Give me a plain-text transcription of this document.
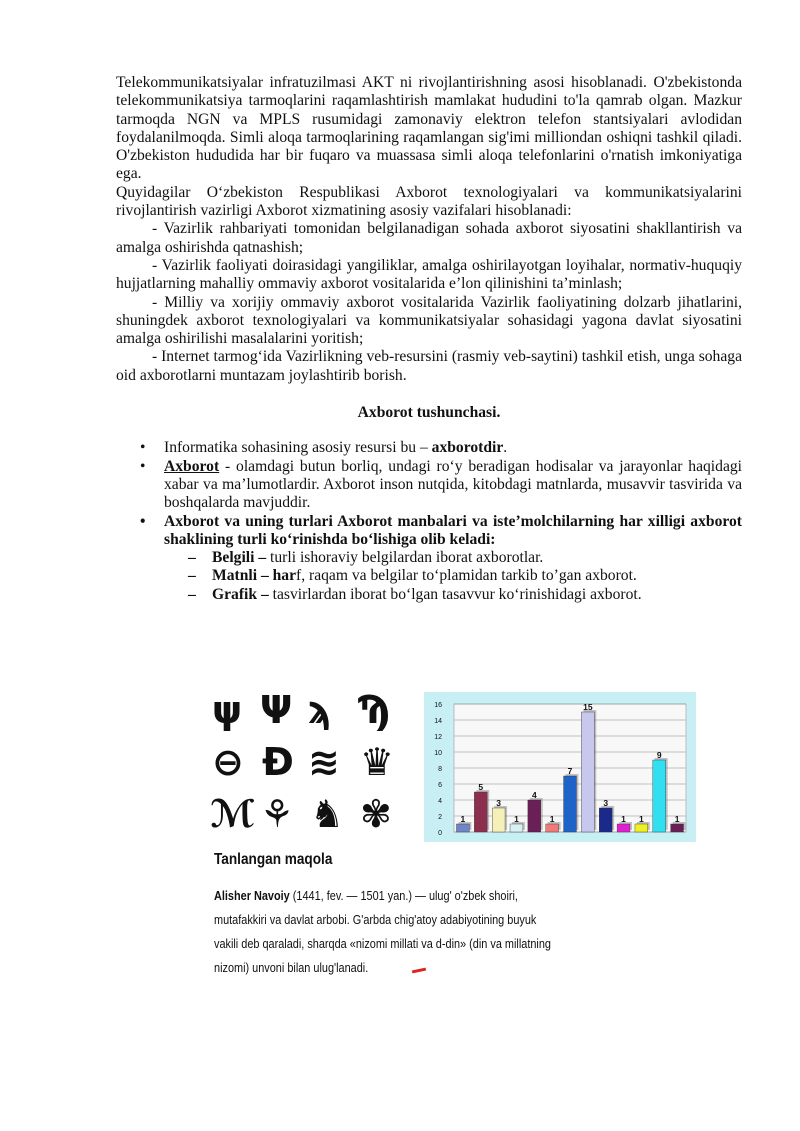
Telekommunikatsiyalar infratuzilmasi AKT ni rivojlantirishning asosi hisoblanadi. O'zbekistonda telekommunikatsiya tarmoqlarini raqamlashtirish mamlakat hududini to'la qamrab olgan. Mazkur tarmoqda NGN va MPLS rusumidagi zamonaviy elektron telefon stantsiyalari avlodidan foydalanilmoqda. Simli aloqa tarmoqlarining raqamlangan sig'imi milliondan oshiqni tashkil qiladi. O'zbekiston hududida har bir fuqaro va muassasa simli aloqa telefonlarini o'rnatish imkoniyatiga ega.

Quyidagilar O‘zbekiston Respublikasi Axborot texnologiyalari va kommunikatsiyalarini rivojlantirish vazirligi Axborot xizmatining asosiy vazifalari hisoblanadi:

- Vazirlik rahbariyati tomonidan belgilanadigan sohada axborot siyosatini shakllantirish va amalga oshirishda qatnashish;

- Vazirlik faoliyati doirasidagi yangiliklar, amalga oshirilayotgan loyihalar, normativ-huquqiy hujjatlarning mahalliy ommaviy axborot vositalarida e’lon qilinishini ta’minlash;

- Milliy va xorijiy ommaviy axborot vositalarida Vazirlik faoliyatining dolzarb jihatlarini, shuningdek axborot texnologiyalari va kommunikatsiyalar sohasidagi yagona davlat siyosatini amalga oshirilishi masalalarini yoritish;

- Internet tarmog‘ida Vazirlikning veb-resursini (rasmiy veb-saytini) tashkil etish, unga sohaga oid axborotlarni muntazam joylashtirib borish.

Axborot tushunchasi.
• Informatika sohasining asosiy resursi bu – axborotdir.
• Axborot - olamdagi butun borliq, undagi ro‘y beradigan hodisalar va jarayonlar haqidagi xabar va ma’lumotlardir. Axborot inson nutqida, kitobdagi matnlarda, musavvir tasvirida va boshqalarda mavjuddir.
• Axborot va uning turlari Axborot manbalari va iste’molchilarning har xilligi axborot shaklining turli ko‘rinishda bo‘lishiga olib keladi:
– Belgili – turli ishoraviy belgilardan iborat axborotlar.
– Matnli – harf, raqam va belgilar to‘plamidan tarkib to’gan axborot.
– Grafik – tasvirlardan iborat bo‘lgan tasavvur ko‘rinishidagi axborot.
ψ Ψ ϡ Ϡ
⊖ Ð ≋ ♛
ℳ ⚘ ♞ ✾	0
2
4
6
8
10
12
14
16
1
5
3
1
4
1
7
15
3
1 1
9
1
Tanlangan maqola
Alisher Navoiy (1441, fev. — 1501 yan.) — ulug' o'zbek shoiri,
mutafakkiri va davlat arbobi. G'arbda chig'atoy adabiyotining buyuk
vakili deb qaraladi, sharqda «nizomi millati va d-din» (din va millatning
nizomi) unvoni bilan ulug'lanadi.
